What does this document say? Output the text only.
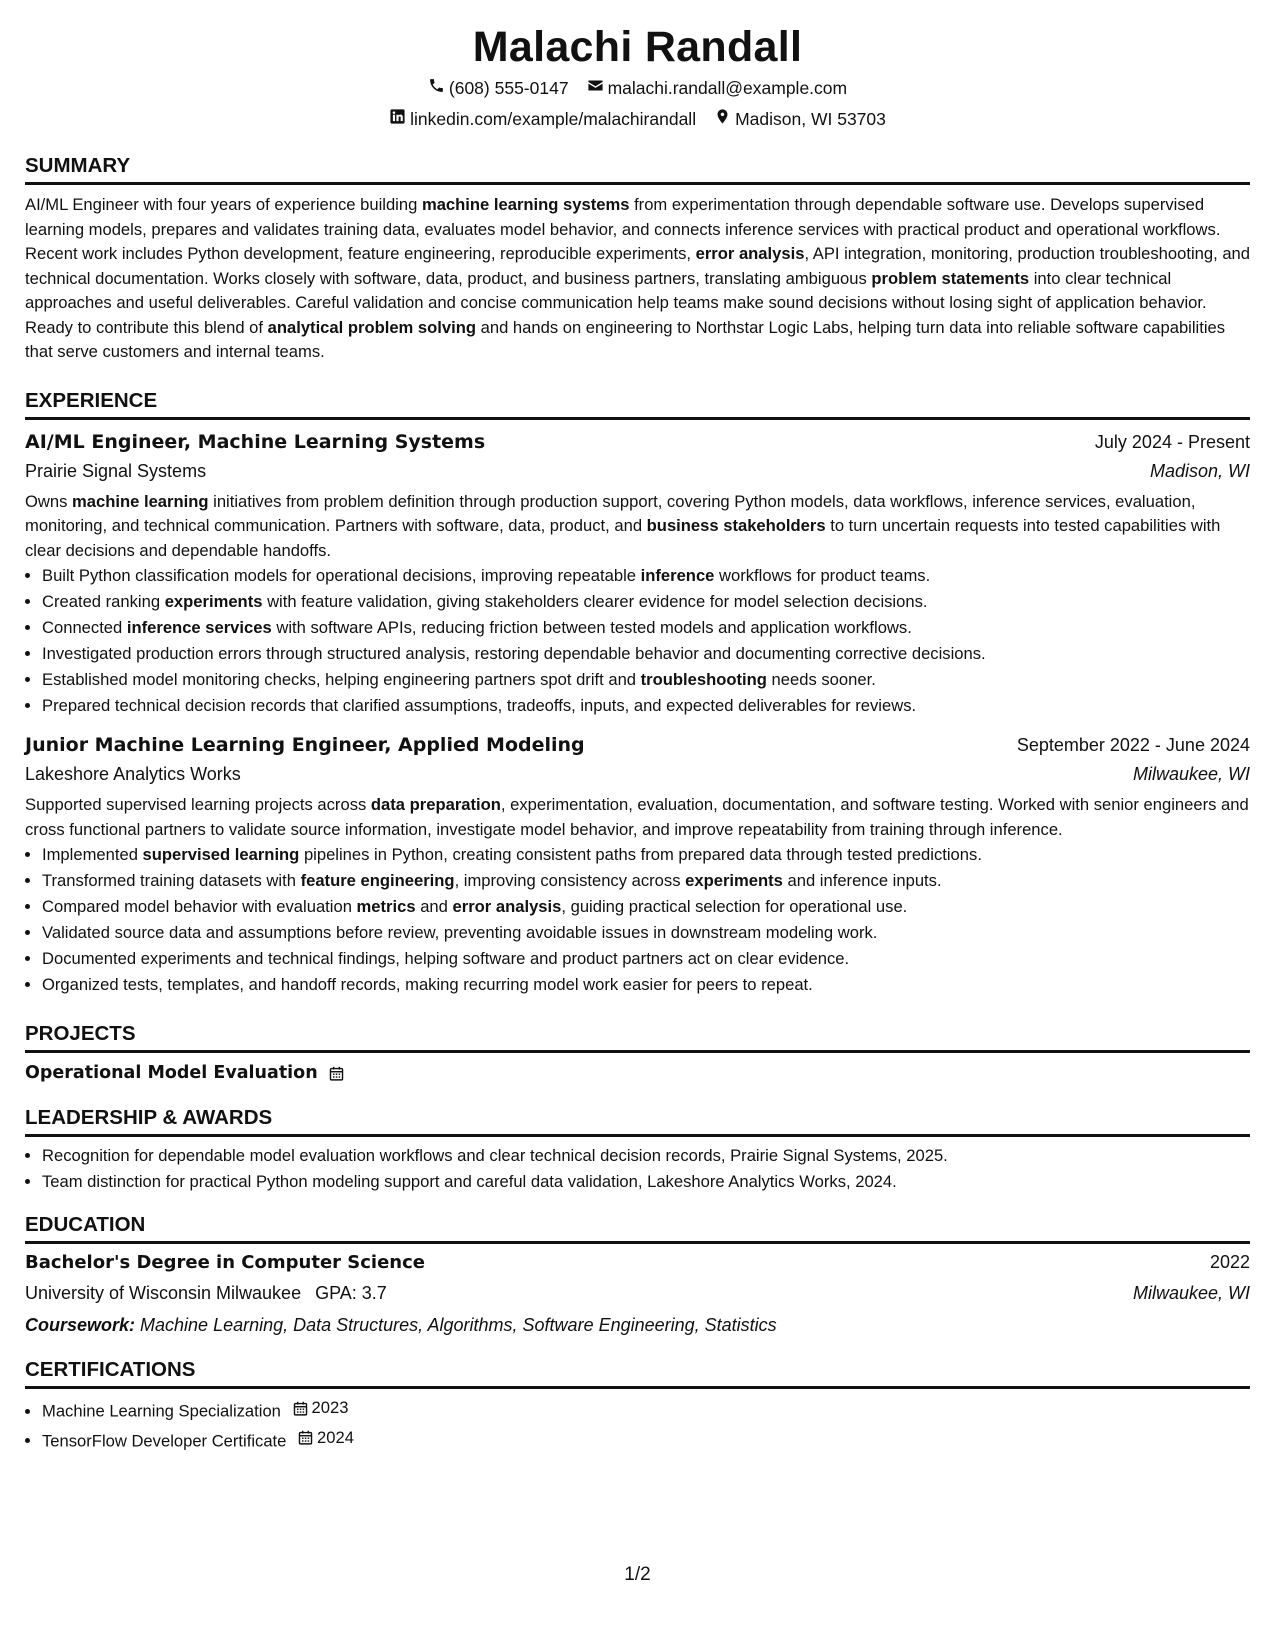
Malachi Randall
(608) 555-0147 malachi.randall@example.com
linkedin.com/example/malachirandall Madison, WI 53703
SUMMARY
AI/ML Engineer with four years of experience building machine learning systems from experimentation through dependable software use. Develops supervised learning models, prepares and validates training data, evaluates model behavior, and connects inference services with practical product and operational workflows. Recent work includes Python development, feature engineering, reproducible experiments, error analysis, API integration, monitoring, production troubleshooting, and technical documentation. Works closely with software, data, product, and business partners, translating ambiguous problem statements into clear technical approaches and useful deliverables. Careful validation and concise communication help teams make sound decisions without losing sight of application behavior. Ready to contribute this blend of analytical problem solving and hands on engineering to Northstar Logic Labs, helping turn data into reliable software capabilities that serve customers and internal teams.
EXPERIENCE
AI/ML Engineer, Machine Learning Systems	July 2024 - Present
Prairie Signal Systems	Madison, WI
Owns machine learning initiatives from problem definition through production support, covering Python models, data workflows, inference services, evaluation, monitoring, and technical communication. Partners with software, data, product, and business stakeholders to turn uncertain requests into tested capabilities with clear decisions and dependable handoffs.
• Built Python classification models for operational decisions, improving repeatable inference workflows for product teams.
• Created ranking experiments with feature validation, giving stakeholders clearer evidence for model selection decisions.
• Connected inference services with software APIs, reducing friction between tested models and application workflows.
• Investigated production errors through structured analysis, restoring dependable behavior and documenting corrective decisions.
• Established model monitoring checks, helping engineering partners spot drift and troubleshooting needs sooner.
• Prepared technical decision records that clarified assumptions, tradeoffs, inputs, and expected deliverables for reviews.
Junior Machine Learning Engineer, Applied Modeling	September 2022 - June 2024
Lakeshore Analytics Works	Milwaukee, WI
Supported supervised learning projects across data preparation, experimentation, evaluation, documentation, and software testing. Worked with senior engineers and cross functional partners to validate source information, investigate model behavior, and improve repeatability from training through inference.
• Implemented supervised learning pipelines in Python, creating consistent paths from prepared data through tested predictions.
• Transformed training datasets with feature engineering, improving consistency across experiments and inference inputs.
• Compared model behavior with evaluation metrics and error analysis, guiding practical selection for operational use.
• Validated source data and assumptions before review, preventing avoidable issues in downstream modeling work.
• Documented experiments and technical findings, helping software and product partners act on clear evidence.
• Organized tests, templates, and handoff records, making recurring model work easier for peers to repeat.
PROJECTS
Operational Model Evaluation
LEADERSHIP & AWARDS
• Recognition for dependable model evaluation workflows and clear technical decision records, Prairie Signal Systems, 2025.
• Team distinction for practical Python modeling support and careful data validation, Lakeshore Analytics Works, 2024.
EDUCATION
Bachelor's Degree in Computer Science	2022
University of Wisconsin Milwaukee GPA: 3.7	Milwaukee, WI
Coursework: Machine Learning, Data Structures, Algorithms, Software Engineering, Statistics
CERTIFICATIONS
• Machine Learning Specialization 2023
• TensorFlow Developer Certificate 2024
1/2
